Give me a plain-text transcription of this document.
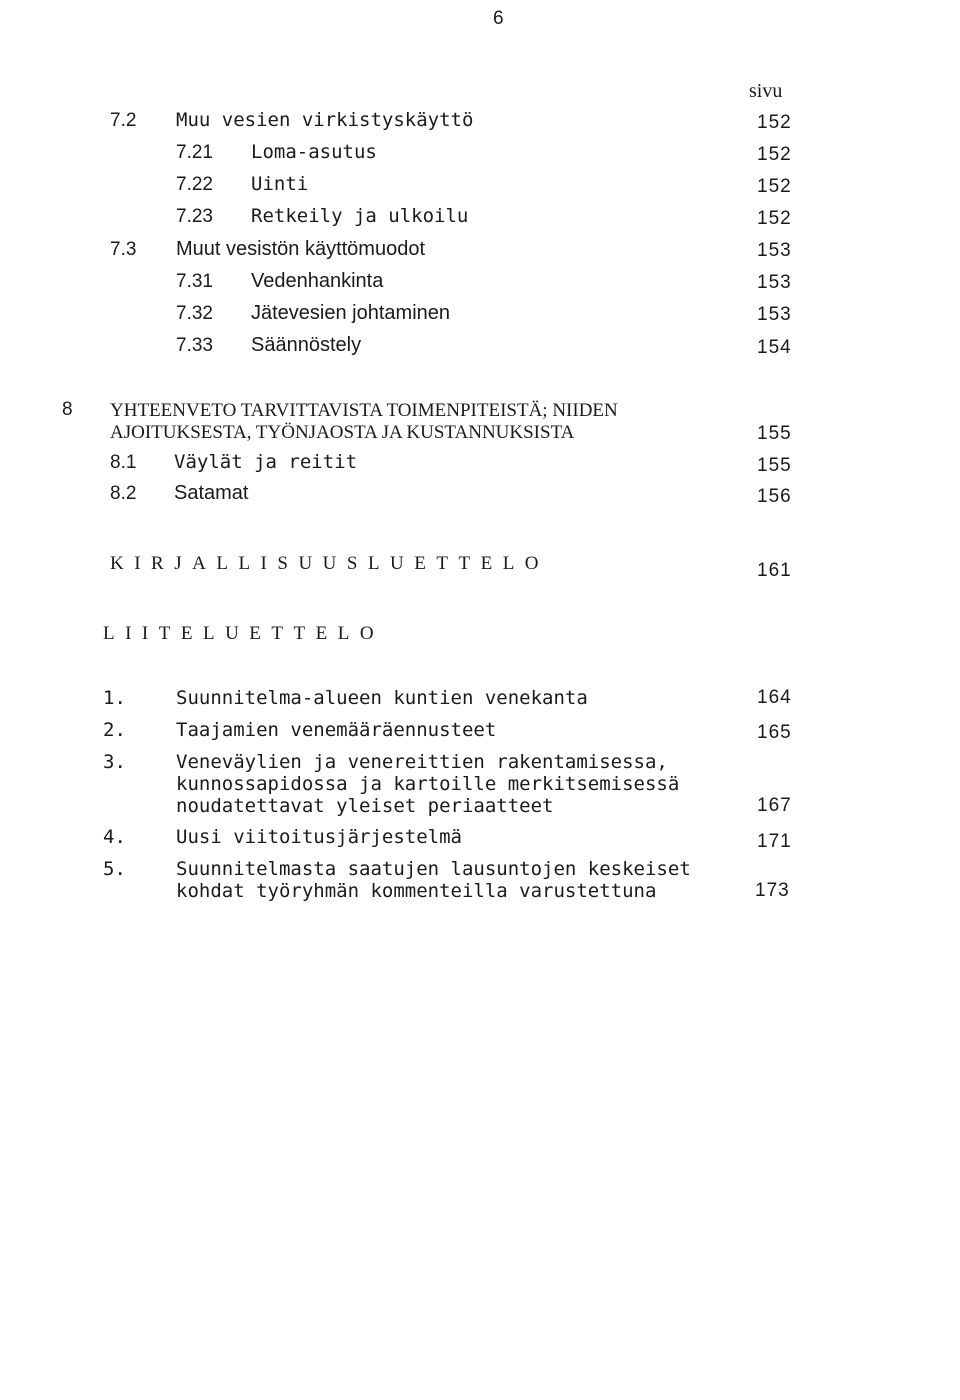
6
sivu
7.2 Muu vesien virkistyskäyttö	152
7.21 Loma-asutus	152
7.22 Uinti	152
7.23 Retkeily ja ulkoilu	152
7.3 Muut vesistön käyttömuodot	153
7.31 Vedenhankinta	153
7.32 Jätevesien johtaminen	153
7.33 Säännöstely	154
8 YHTEENVETO TARVITTAVISTA TOIMENPITEISTÄ; NIIDEN
AJOITUKSESTA, TYÖNJAOSTA JA KUSTANNUKSISTA	155
8.1 Väylät ja reitit	155
8.2 Satamat	156
KIRJALLISUUSLUETTELO	161
LIITELUETTELO
1.	Suunnitelma-alueen kuntien venekanta	164
2.	Taajamien venemääräennusteet	165
3.	Veneväylien ja venereittien rakentamisessa,
kunnossapidossa ja kartoille merkitsemisessä
noudatettavat yleiset periaatteet	167
4.	Uusi viitoitusjärjestelmä	171
5.	Suunnitelmasta saatujen lausuntojen keskeiset
kohdat työryhmän kommenteilla varustettuna	173
